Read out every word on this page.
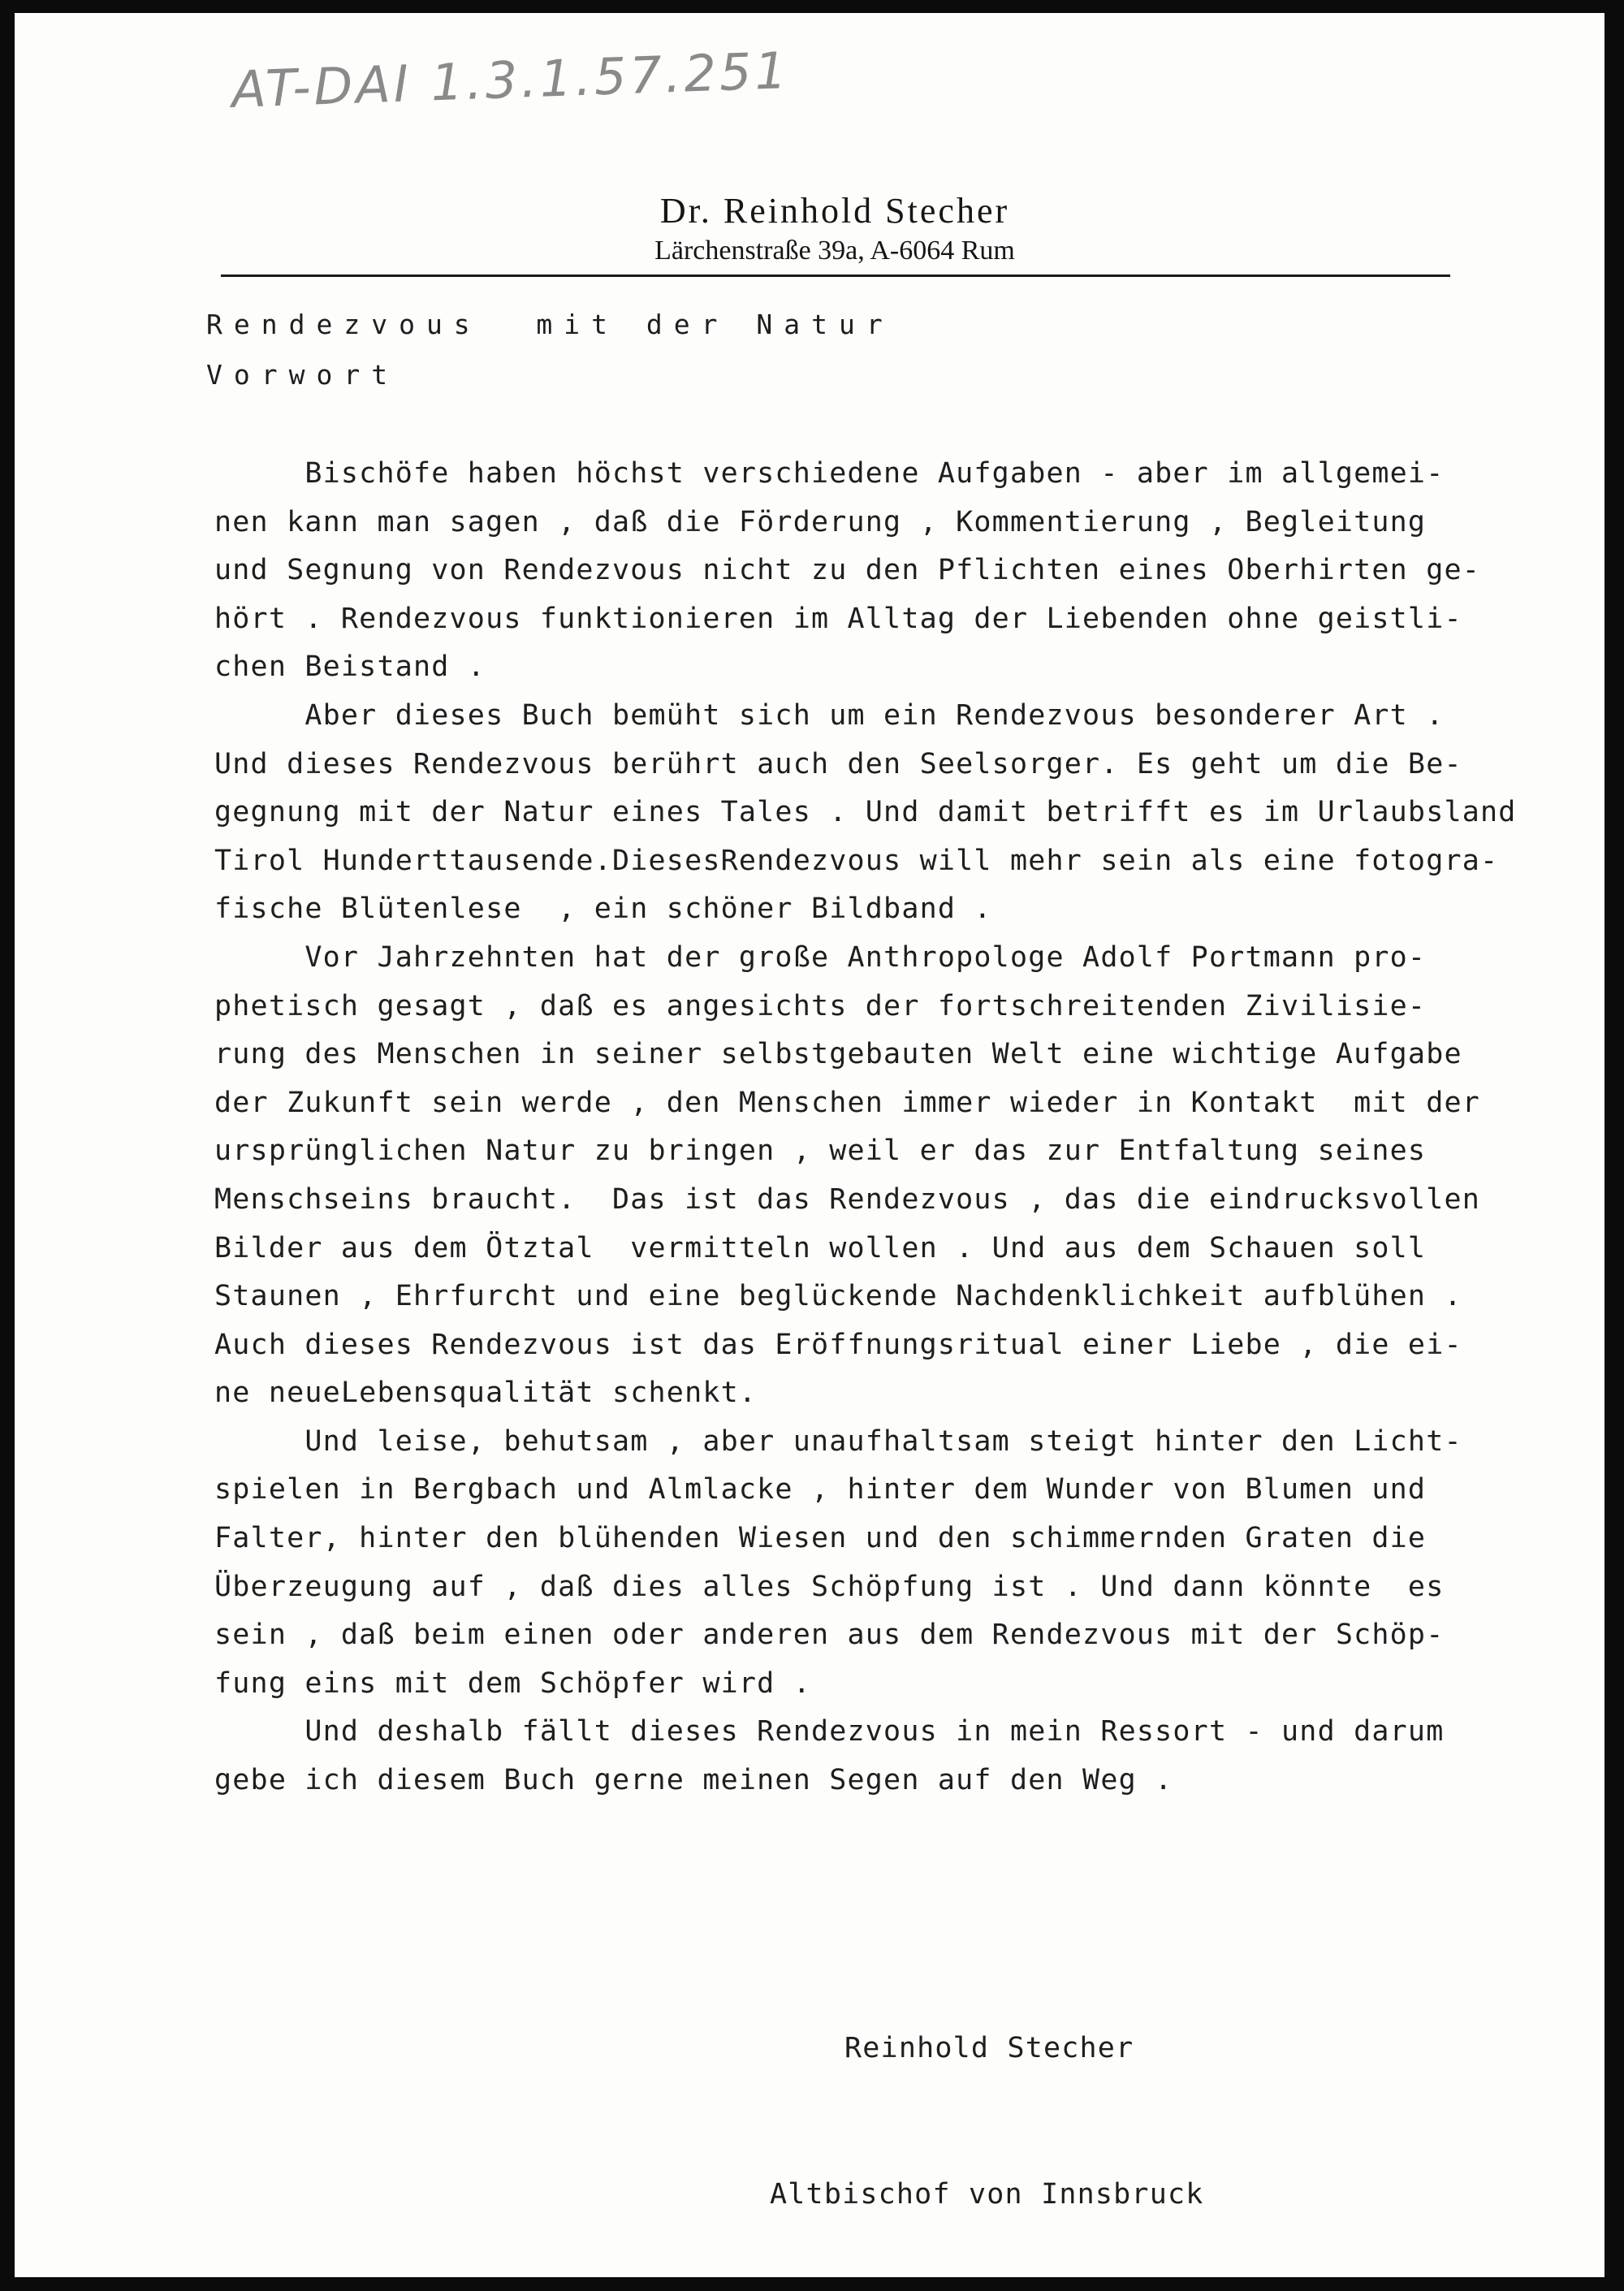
AT-DAI 1.3.1.57.251
Dr. Reinhold Stecher
Lärchenstraße 39a, A-6064 Rum
Rendezvous  mit der Natur
Vorwort
Bischöfe haben höchst verschiedene Aufgaben - aber im allgemei-
nen kann man sagen , daß die Förderung , Kommentierung , Begleitung
und Segnung von Rendezvous nicht zu den Pflichten eines Oberhirten ge-
hört . Rendezvous funktionieren im Alltag der Liebenden ohne geistli-
chen Beistand .
Aber dieses Buch bemüht sich um ein Rendezvous besonderer Art .
Und dieses Rendezvous berührt auch den Seelsorger. Es geht um die Be-
gegnung mit der Natur eines Tales . Und damit betrifft es im Urlaubsland
Tirol Hunderttausende.DiesesRendezvous will mehr sein als eine fotogra-
fische Blütenlese  , ein schöner Bildband .
Vor Jahrzehnten hat der große Anthropologe Adolf Portmann pro-
phetisch gesagt , daß es angesichts der fortschreitenden Zivilisie-
rung des Menschen in seiner selbstgebauten Welt eine wichtige Aufgabe
der Zukunft sein werde , den Menschen immer wieder in Kontakt  mit der
ursprünglichen Natur zu bringen , weil er das zur Entfaltung seines
Menschseins braucht.  Das ist das Rendezvous , das die eindrucksvollen
Bilder aus dem Ötztal  vermitteln wollen . Und aus dem Schauen soll
Staunen , Ehrfurcht und eine beglückende Nachdenklichkeit aufblühen .
Auch dieses Rendezvous ist das Eröffnungsritual einer Liebe , die ei-
ne neueLebensqualität schenkt.
Und leise, behutsam , aber unaufhaltsam steigt hinter den Licht-
spielen in Bergbach und Almlacke , hinter dem Wunder von Blumen und
Falter, hinter den blühenden Wiesen und den schimmernden Graten die
Überzeugung auf , daß dies alles Schöpfung ist . Und dann könnte  es
sein , daß beim einen oder anderen aus dem Rendezvous mit der Schöp-
fung eins mit dem Schöpfer wird .
Und deshalb fällt dieses Rendezvous in mein Ressort - und darum
gebe ich diesem Buch gerne meinen Segen auf den Weg .

Reinhold Stecher

Altbischof von Innsbruck
